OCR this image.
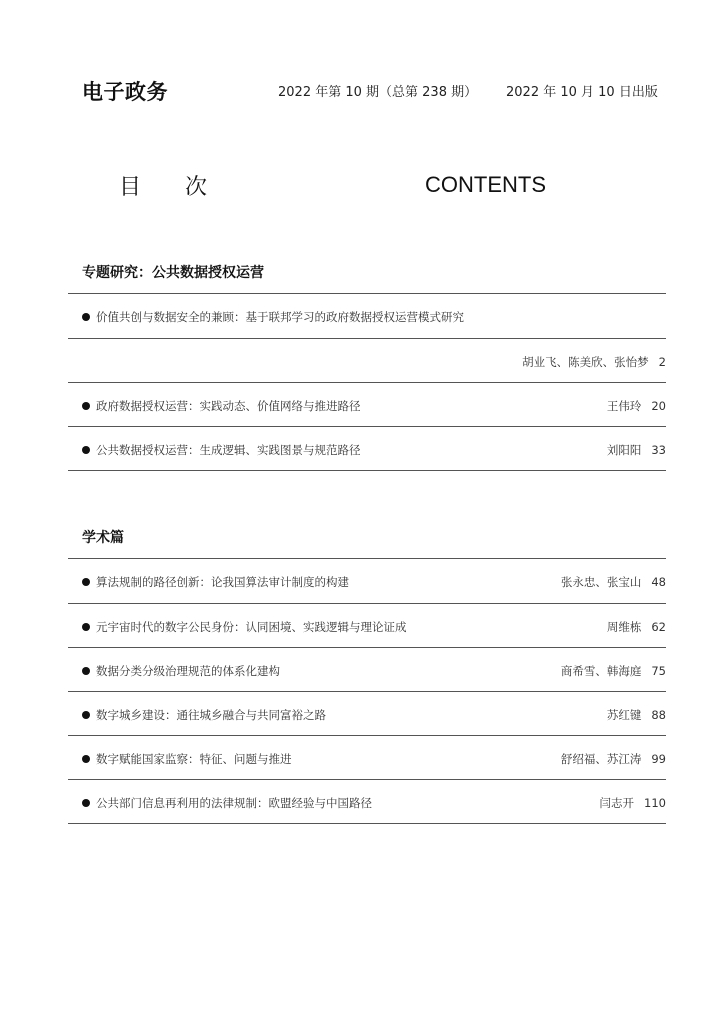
电子政务	2022 年第 10 期（总第 238 期） 2022 年 10 月 10 日出版
目次	CONTENTS
专题研究：公共数据授权运营
价值共创与数据安全的兼顾：基于联邦学习的政府数据授权运营模式研究
胡业飞、陈美欣、张怡梦 2
政府数据授权运营：实践动态、价值网络与推进路径	王伟玲 20
公共数据授权运营：生成逻辑、实践图景与规范路径	刘阳阳 33
学术篇
算法规制的路径创新：论我国算法审计制度的构建	张永忠、张宝山 48
元宇宙时代的数字公民身份：认同困境、实践逻辑与理论证成	周维栋 62
数据分类分级治理规范的体系化建构	商希雪、韩海庭 75
数字城乡建设：通往城乡融合与共同富裕之路	苏红键 88
数字赋能国家监察：特征、问题与推进	舒绍福、苏江涛 99
公共部门信息再利用的法律规制：欧盟经验与中国路径	闫志开 110
